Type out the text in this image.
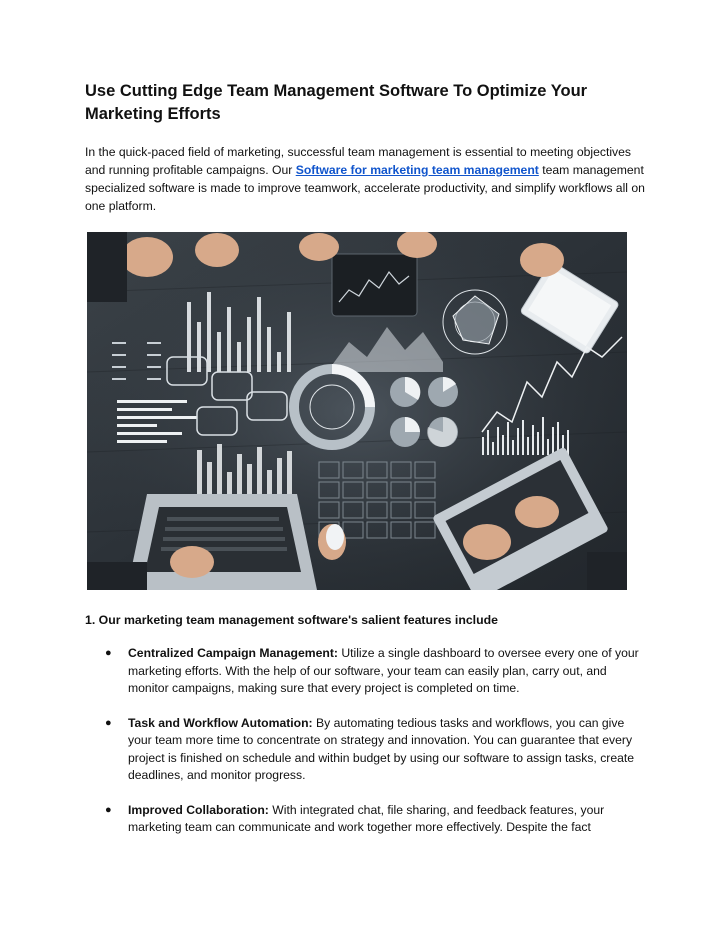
Use Cutting Edge Team Management Software To Optimize Your Marketing Efforts

In the quick-paced field of marketing, successful team management is essential to meeting objectives and running profitable campaigns. Our Software for marketing team management team management specialized software is made to improve teamwork, accelerate productivity, and simplify workflows all on one platform.

1. Our marketing team management software's salient features include
● Centralized Campaign Management: Utilize a single dashboard to oversee every one of your marketing efforts. With the help of our software, your team can easily plan, carry out, and monitor campaigns, making sure that every project is completed on time.
● Task and Workflow Automation: By automating tedious tasks and workflows, you can give your team more time to concentrate on strategy and innovation. You can guarantee that every project is finished on schedule and within budget by using our software to assign tasks, create deadlines, and monitor progress.
● Improved Collaboration: With integrated chat, file sharing, and feedback features, your marketing team can communicate and work together more effectively. Despite the fact
